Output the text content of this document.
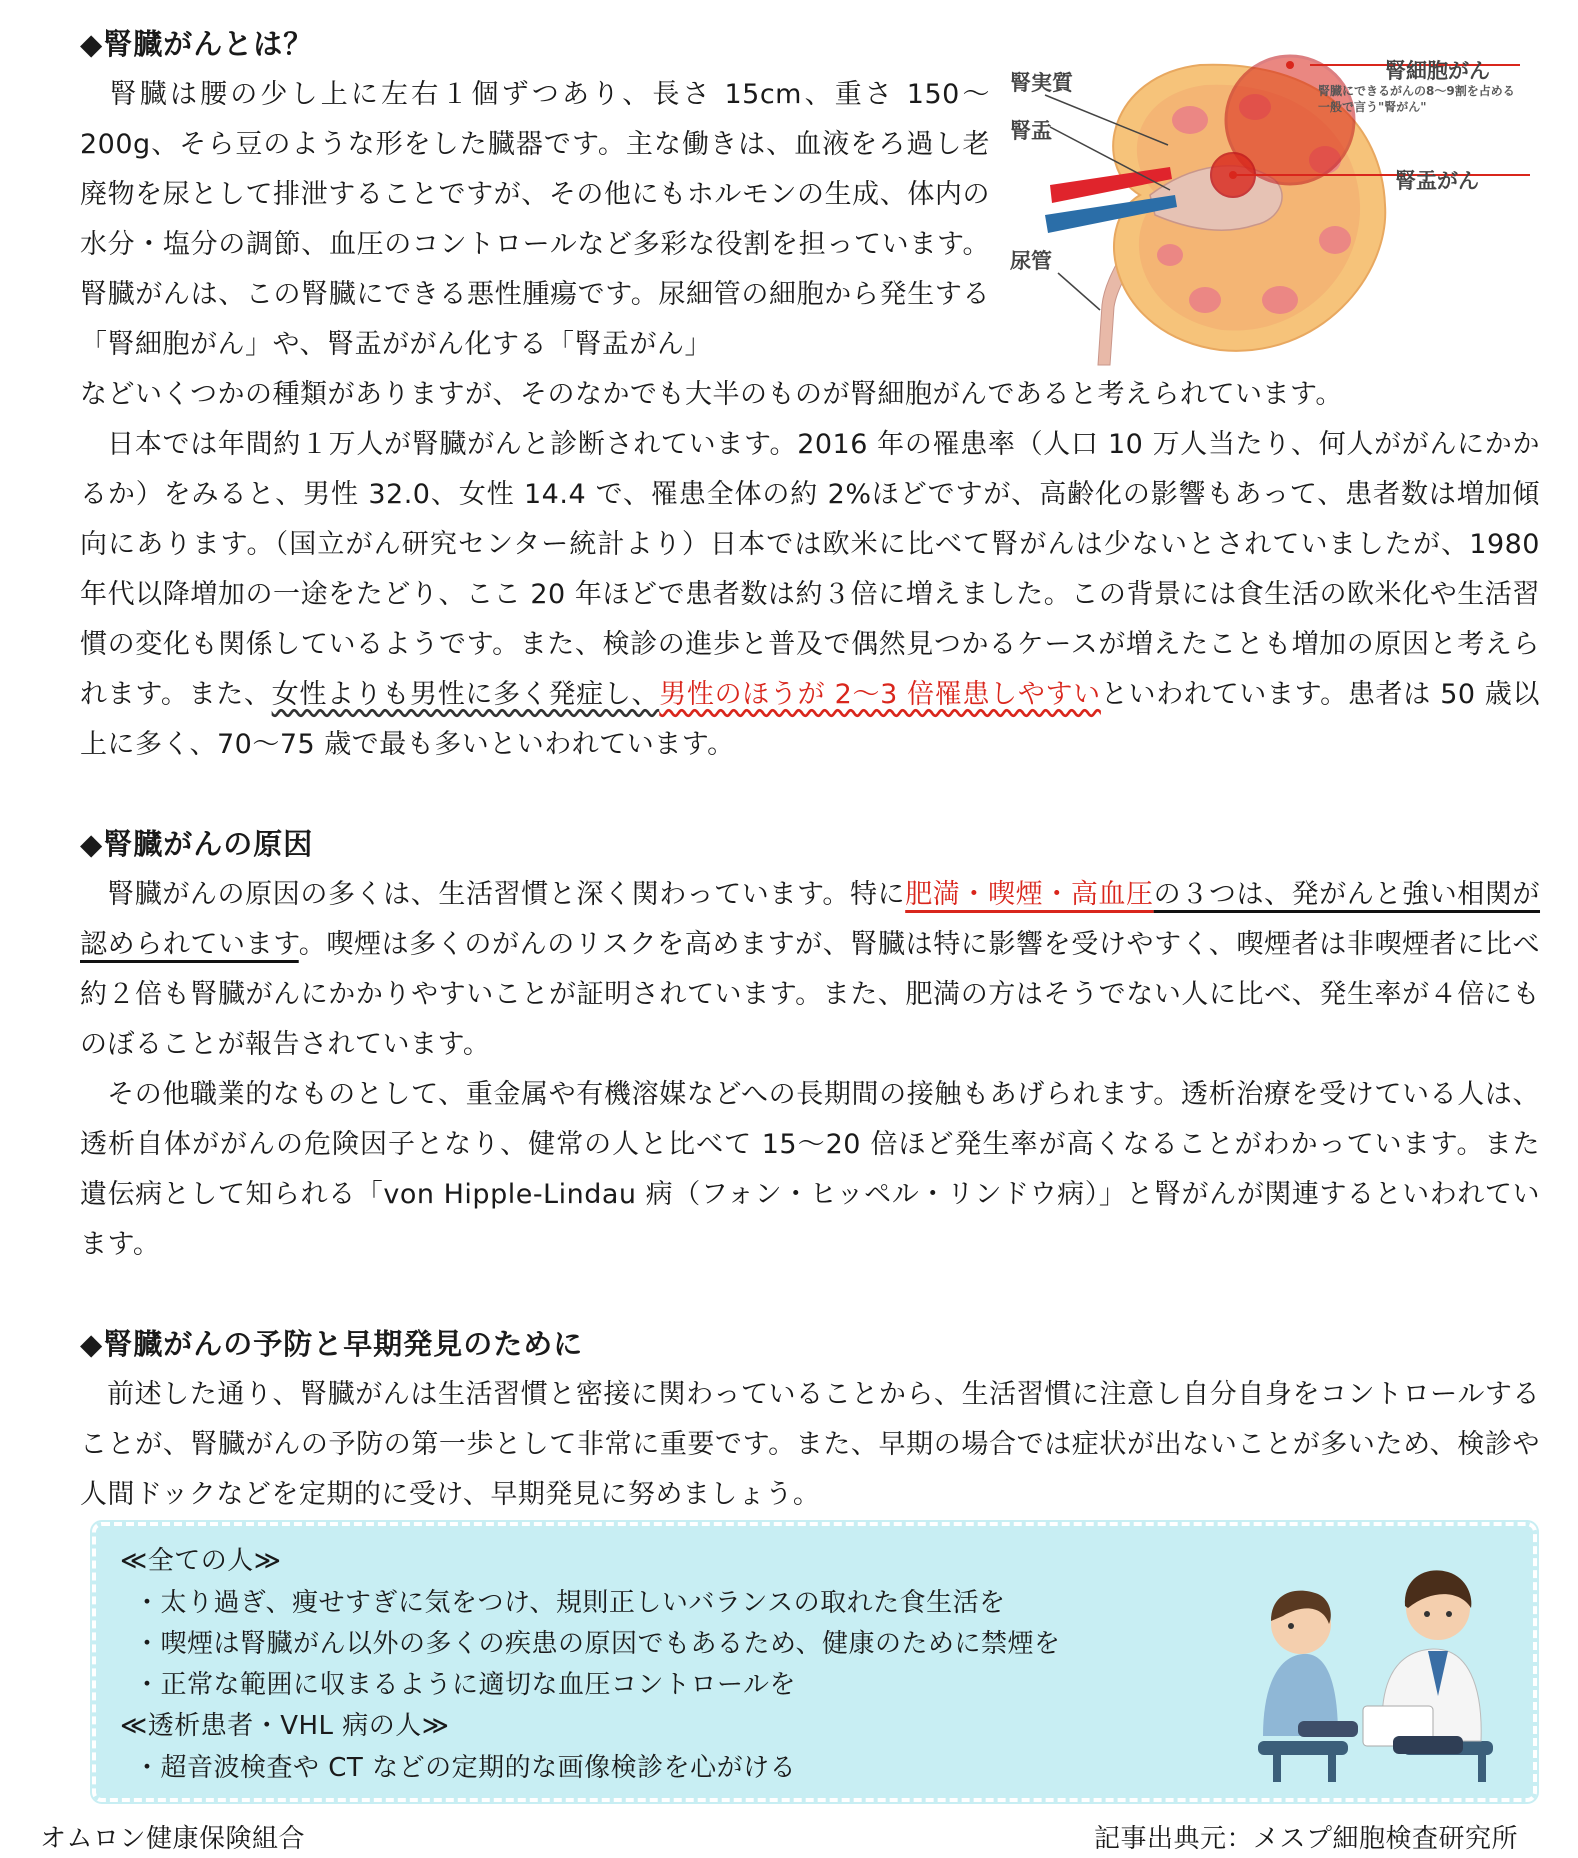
◆腎臓がんとは？
腎臓は腰の少し上に左右１個ずつあり、長さ 15cm、重さ 150～200g、そら豆のような形をした臓器です。主な働きは、血液をろ過し老廃物を尿として排泄することですが、その他にもホルモンの生成、体内の水分・塩分の調節、血圧のコントロールなど多彩な役割を担っています。腎臓がんは、この腎臓にできる悪性腫瘍です。尿細管の細胞から発生する「腎細胞がん」や、腎盂ががん化する「腎盂がん」
などいくつかの種類がありますが、そのなかでも大半のものが腎細胞がんであると考えられています。
日本では年間約１万人が腎臓がんと診断されています。2016 年の罹患率（人口 10 万人当たり、何人ががんにかかるか）をみると、男性 32.0、女性 14.4 で、罹患全体の約 2%ほどですが、高齢化の影響もあって、患者数は増加傾向にあります。（国立がん研究センター統計より）日本では欧米に比べて腎がんは少ないとされていましたが、1980 年代以降増加の一途をたどり、ここ 20 年ほどで患者数は約３倍に増えました。この背景には食生活の欧米化や生活習慣の変化も関係しているようです。また、検診の進歩と普及で偶然見つかるケースが増えたことも増加の原因と考えられます。また、女性よりも男性に多く発症し、男性のほうが 2～3 倍罹患しやすいといわれています。患者は 50 歳以上に多く、70～75 歳で最も多いといわれています。
腎実質
腎盂
尿管
腎細胞がん
腎臓にできるがんの8～9割を占める
一般で言う"腎がん"
腎盂がん
◆腎臓がんの原因
腎臓がんの原因の多くは、生活習慣と深く関わっています。特に肥満・喫煙・高血圧の３つは、発がんと強い相関が認められています。喫煙は多くのがんのリスクを高めますが、腎臓は特に影響を受けやすく、喫煙者は非喫煙者に比べ約２倍も腎臓がんにかかりやすいことが証明されています。また、肥満の方はそうでない人に比べ、発生率が４倍にものぼることが報告されています。
その他職業的なものとして、重金属や有機溶媒などへの長期間の接触もあげられます。透析治療を受けている人は、透析自体ががんの危険因子となり、健常の人と比べて 15～20 倍ほど発生率が高くなることがわかっています。また遺伝病として知られる「von Hipple-Lindau 病（フォン・ヒッペル・リンドウ病）」と腎がんが関連するといわれています。
◆腎臓がんの予防と早期発見のために
前述した通り、腎臓がんは生活習慣と密接に関わっていることから、生活習慣に注意し自分自身をコントロールすることが、腎臓がんの予防の第一歩として非常に重要です。また、早期の場合では症状が出ないことが多いため、検診や人間ドックなどを定期的に受け、早期発見に努めましょう。
≪全ての人≫
・太り過ぎ、痩せすぎに気をつけ、規則正しいバランスの取れた食生活を
・喫煙は腎臓がん以外の多くの疾患の原因でもあるため、健康のために禁煙を
・正常な範囲に収まるように適切な血圧コントロールを
≪透析患者・VHL 病の人≫
・超音波検査や CT などの定期的な画像検診を心がける
オムロン健康保険組合	記事出典元：メスプ細胞検査研究所
